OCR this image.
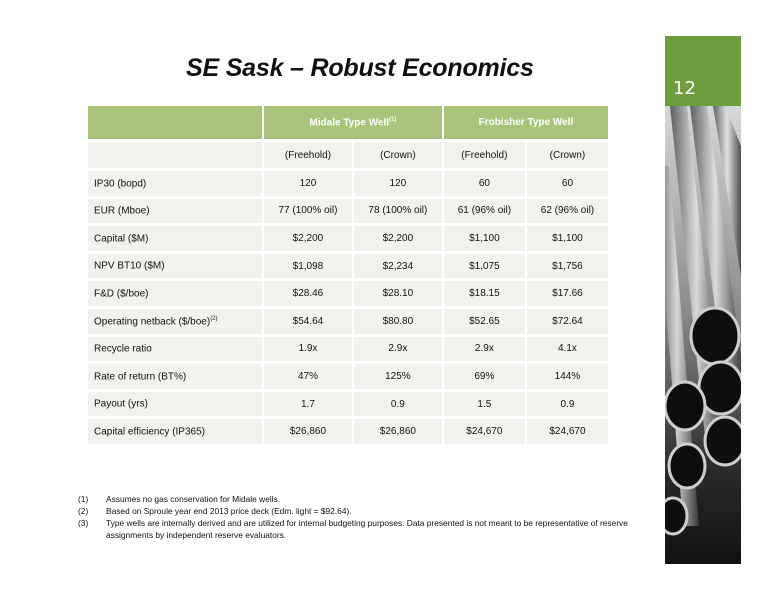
SE Sask – Robust Economics
12
	Midale Type Well$^{(1)}$		Frobisher Type Well	
	(Freehold)	(Crown)	(Freehold)	(Crown)
IP30 (bopd)	120	120	60	60
EUR (Mboe)	77 (100% oil)	78 (100% oil)	61 (96% oil)	62 (96% oil)
Capital ($M)	$2,200	$2,200	$1,100	$1,100
NPV BT10 ($M)	$1,098	$2,234	$1,075	$1,756
F&D ($/boe)	$28.46	$28.10	$18.15	$17.66
Operating netback ($/boe)$^{(2)}$	$54.64	$80.80	$52.65	$72.64
Recycle ratio	1.9x	2.9x	2.9x	4.1x
Rate of return (BT%)	47%	125%	69%	144%
Payout (yrs)	1.7	0.9	1.5	0.9
Capital efficiency (IP365)	$26,860	$26,860	$24,670	$24,670
(1)	Assumes no gas conservation for Midale wells.
(2)	Based on Sproule year end 2013 price deck (Edm. light = $92.64).
(3)	Type wells are internally derived and are utilized for internal budgeting purposes. Data presented is not meant to be representative of reserve assignments by independent reserve evaluators.
